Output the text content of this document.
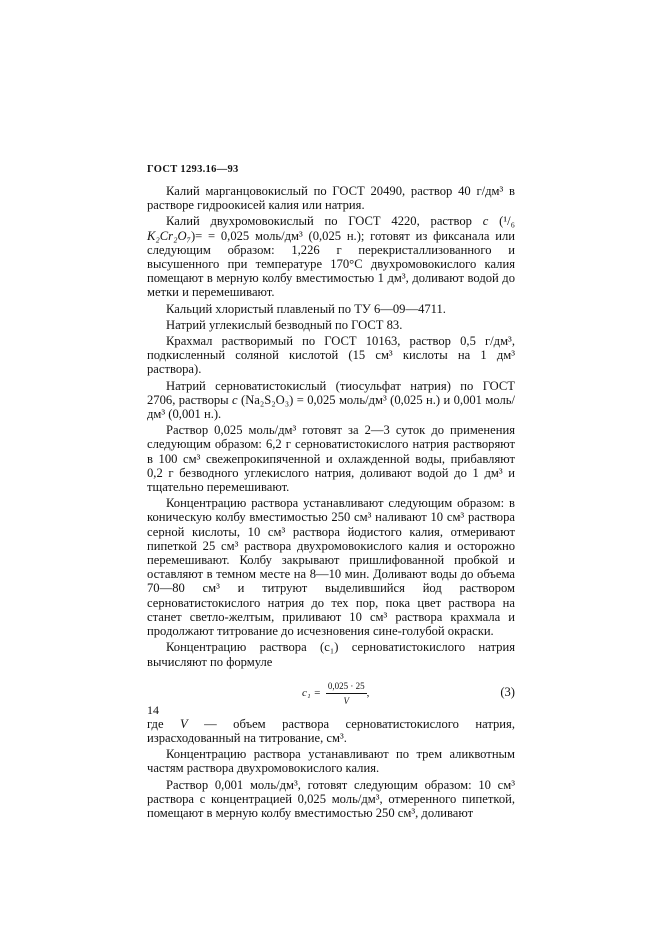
ГОСТ 1293.16—93

Калий марганцовокислый по ГОСТ 20490, раствор 40 г/дм³ в растворе гидроокисей калия или натрия.

Калий двухромовокислый по ГОСТ 4220, раствор c (¹/₆ K₂Cr₂O₇)= = 0,025 моль/дм³ (0,025 н.); готовят из фиксанала или следующим образом: 1,226 г перекристаллизованного и высушенного при температуре 170°С двухромовокислого калия помещают в мерную колбу вместимостью 1 дм³, доливают водой до метки и перемешивают.

Кальций хлористый плавленый по ТУ 6—09—4711.

Натрий углекислый безводный по ГОСТ 83.

Крахмал растворимый по ГОСТ 10163, раствор 0,5 г/дм³, подкисленный соляной кислотой (15 см³ кислоты на 1 дм³ раствора).

Натрий серноватистокислый (тиосульфат натрия) по ГОСТ 2706, растворы c (Na₂S₂O₃) = 0,025 моль/дм³ (0,025 н.) и 0,001 моль/дм³ (0,001 н.).

Раствор 0,025 моль/дм³ готовят за 2—3 суток до применения следующим образом: 6,2 г серноватистокислого натрия растворяют в 100 см³ свежепрокипяченной и охлажденной воды, прибавляют 0,2 г безводного углекислого натрия, доливают водой до 1 дм³ и тщательно перемешивают.

Концентрацию раствора устанавливают следующим образом: в коническую колбу вместимостью 250 см³ наливают 10 см³ раствора серной кислоты, 10 см³ раствора йодистого калия, отмеривают пипеткой 25 см³ раствора двухромовокислого калия и осторожно перемешивают. Колбу закрывают пришлифованной пробкой и оставляют в темном месте на 8—10 мин. Доливают воды до объема 70—80 см³ и титруют выделившийся йод раствором серноватистокислого натрия до тех пор, пока цвет раствора на станет светло-желтым, приливают 10 см³ раствора крахмала и продолжают титрование до исчезновения сине-голубой окраски.

Концентрацию раствора (c₁) серноватистокислого натрия вычисляют по формуле

$c_1 = \frac{0,025 \cdot 25}{V}$ ,	(3)

где V — объем раствора серноватистокислого натрия, израсходованный на титрование, см³.

Концентрацию раствора устанавливают по трем аликвотным частям раствора двухромовокислого калия.

Раствор 0,001 моль/дм³, готовят следующим образом: 10 см³ раствора с концентрацией 0,025 моль/дм³, отмеренного пипеткой, помещают в мерную колбу вместимостью 250 см³, доливают

14
